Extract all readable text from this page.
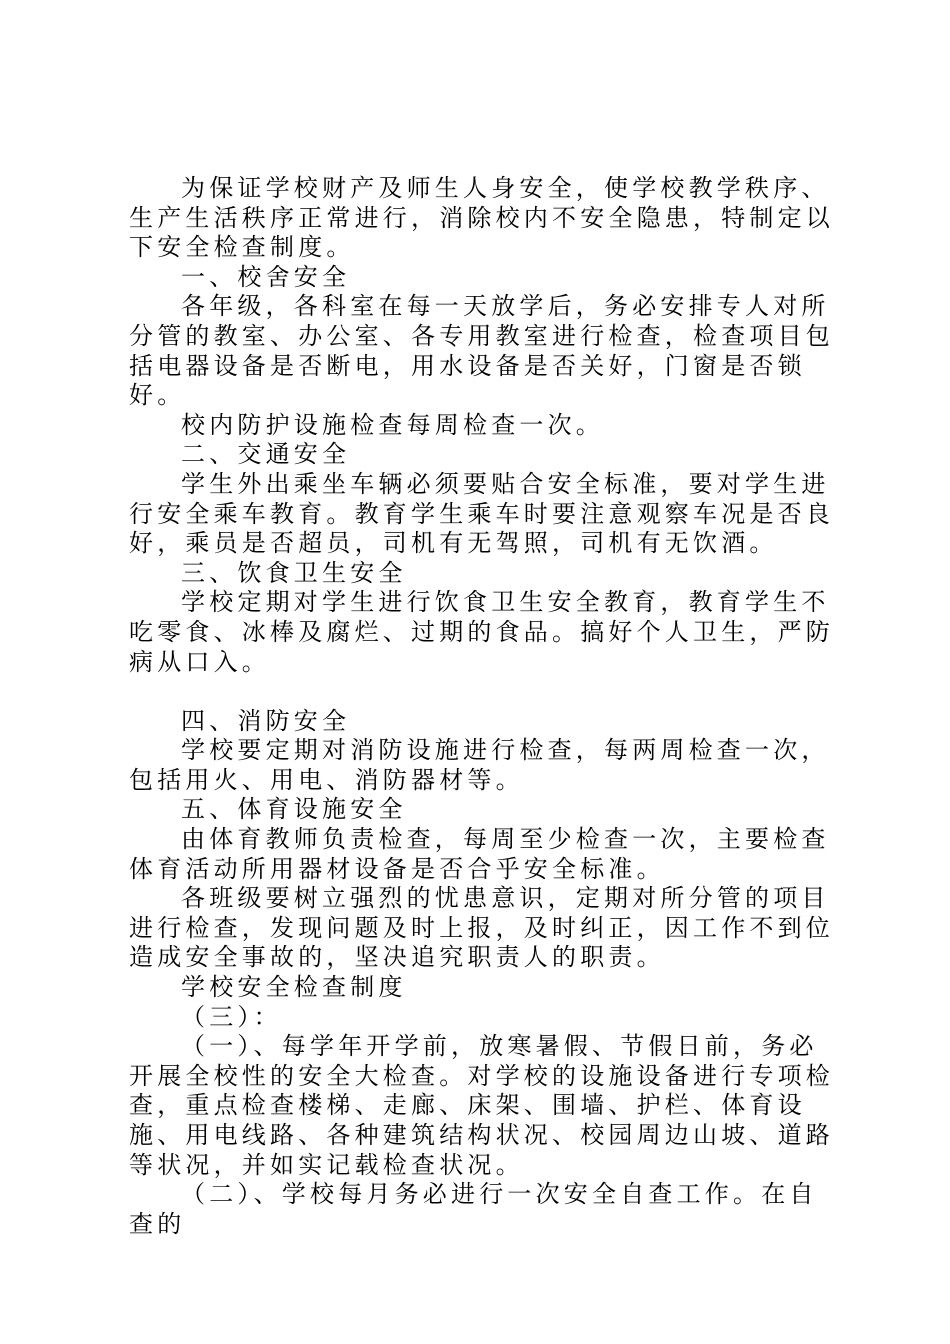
为保证学校财产及师生人身安全，使学校教学秩序、生产生活秩序正常进行，消除校内不安全隐患，特制定以下安全检查制度。

一、校舍安全

各年级，各科室在每一天放学后，务必安排专人对所分管的教室、办公室、各专用教室进行检查，检查项目包括电器设备是否断电，用水设备是否关好，门窗是否锁好。

校内防护设施检查每周检查一次。

二、交通安全

学生外出乘坐车辆必须要贴合安全标准，要对学生进行安全乘车教育。教育学生乘车时要注意观察车况是否良好，乘员是否超员，司机有无驾照，司机有无饮酒。

三、饮食卫生安全

学校定期对学生进行饮食卫生安全教育，教育学生不吃零食、冰棒及腐烂、过期的食品。搞好个人卫生，严防病从口入。

四、消防安全

学校要定期对消防设施进行检查，每两周检查一次，包括用火、用电、消防器材等。

五、体育设施安全

由体育教师负责检查，每周至少检查一次，主要检查体育活动所用器材设备是否合乎安全标准。

各班级要树立强烈的忧患意识，定期对所分管的项目进行检查，发现问题及时上报，及时纠正，因工作不到位造成安全事故的，坚决追究职责人的职责。

学校安全检查制度

（三）：

（一）、每学年开学前，放寒暑假、节假日前，务必开展全校性的安全大检查。对学校的设施设备进行专项检查，重点检查楼梯、走廊、床架、围墙、护栏、体育设施、用电线路、各种建筑结构状况、校园周边山坡、道路等状况，并如实记载检查状况。

（二）、学校每月务必进行一次安全自查工作。在自查的
